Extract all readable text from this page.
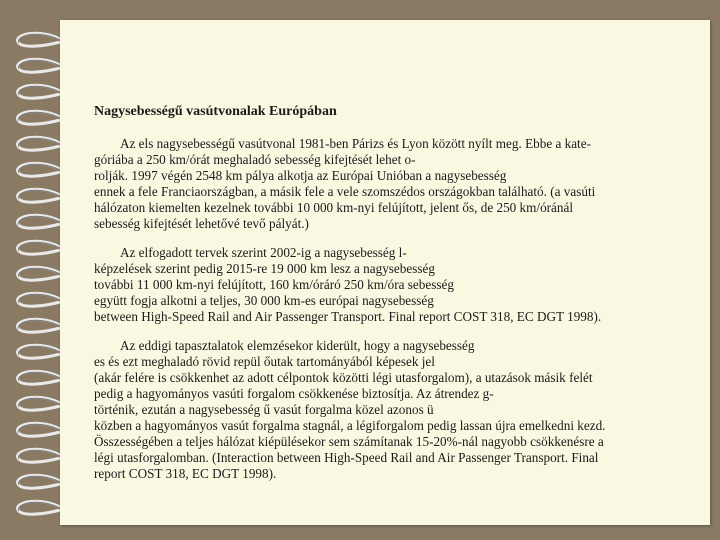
Nagysebességű vasútvonalak Európában
Az els nagysebességű vasútvonal 1981-ben Párizs és Lyon között nyílt meg. Ebbe a kate-
góriába a 250 km/órát meghaladó sebesség kifejtését lehet o-
rolják. 1997 végén 2548 km pálya alkotja az Európai Unióban a nagysebesség
ennek a fele Franciaországban, a másik fele a vele szomszédos országokban található. (a vasúti
hálózaton kiemelten kezelnek további 10 000 km-nyi felújított, jelent ős, de 250 km/óránál
sebesség kifejtését lehetővé tevő pályát.)
Az elfogadott tervek szerint 2002-ig a nagysebesség l-
képzelések szerint pedig 2015-re 19 000 km lesz a nagysebesség
további 11 000 km-nyi felújított, 160 km/óráró 250 km/óra sebesség
együtt fogja alkotni a teljes, 30 000 km-es európai nagysebesség
between High-Speed Rail and Air Passenger Transport. Final report COST 318, EC DGT 1998).
Az eddigi tapasztalatok elemzésekor kiderült, hogy a nagysebesség
es és ezt meghaladó rövid repül őutak tartományából képesek jel
(akár felére is csökkenhet az adott célpontok közötti légi utasforgalom), a utazások másik felét
pedig a hagyományos vasúti forgalom csökkenése biztosítja. Az átrendez g-
történik, ezután a nagysebesség ű vasút forgalma közel azonos ü
közben a hagyományos vasút forgalma stagnál, a légiforgalom pedig lassan újra emelkedni kezd.
Összességében a teljes hálózat kiépülésekor sem számítanak 15-20%-nál nagyobb csökkenésre a
légi utasforgalomban. (Interaction between High-Speed Rail and Air Passenger Transport. Final
report COST 318, EC DGT 1998).
